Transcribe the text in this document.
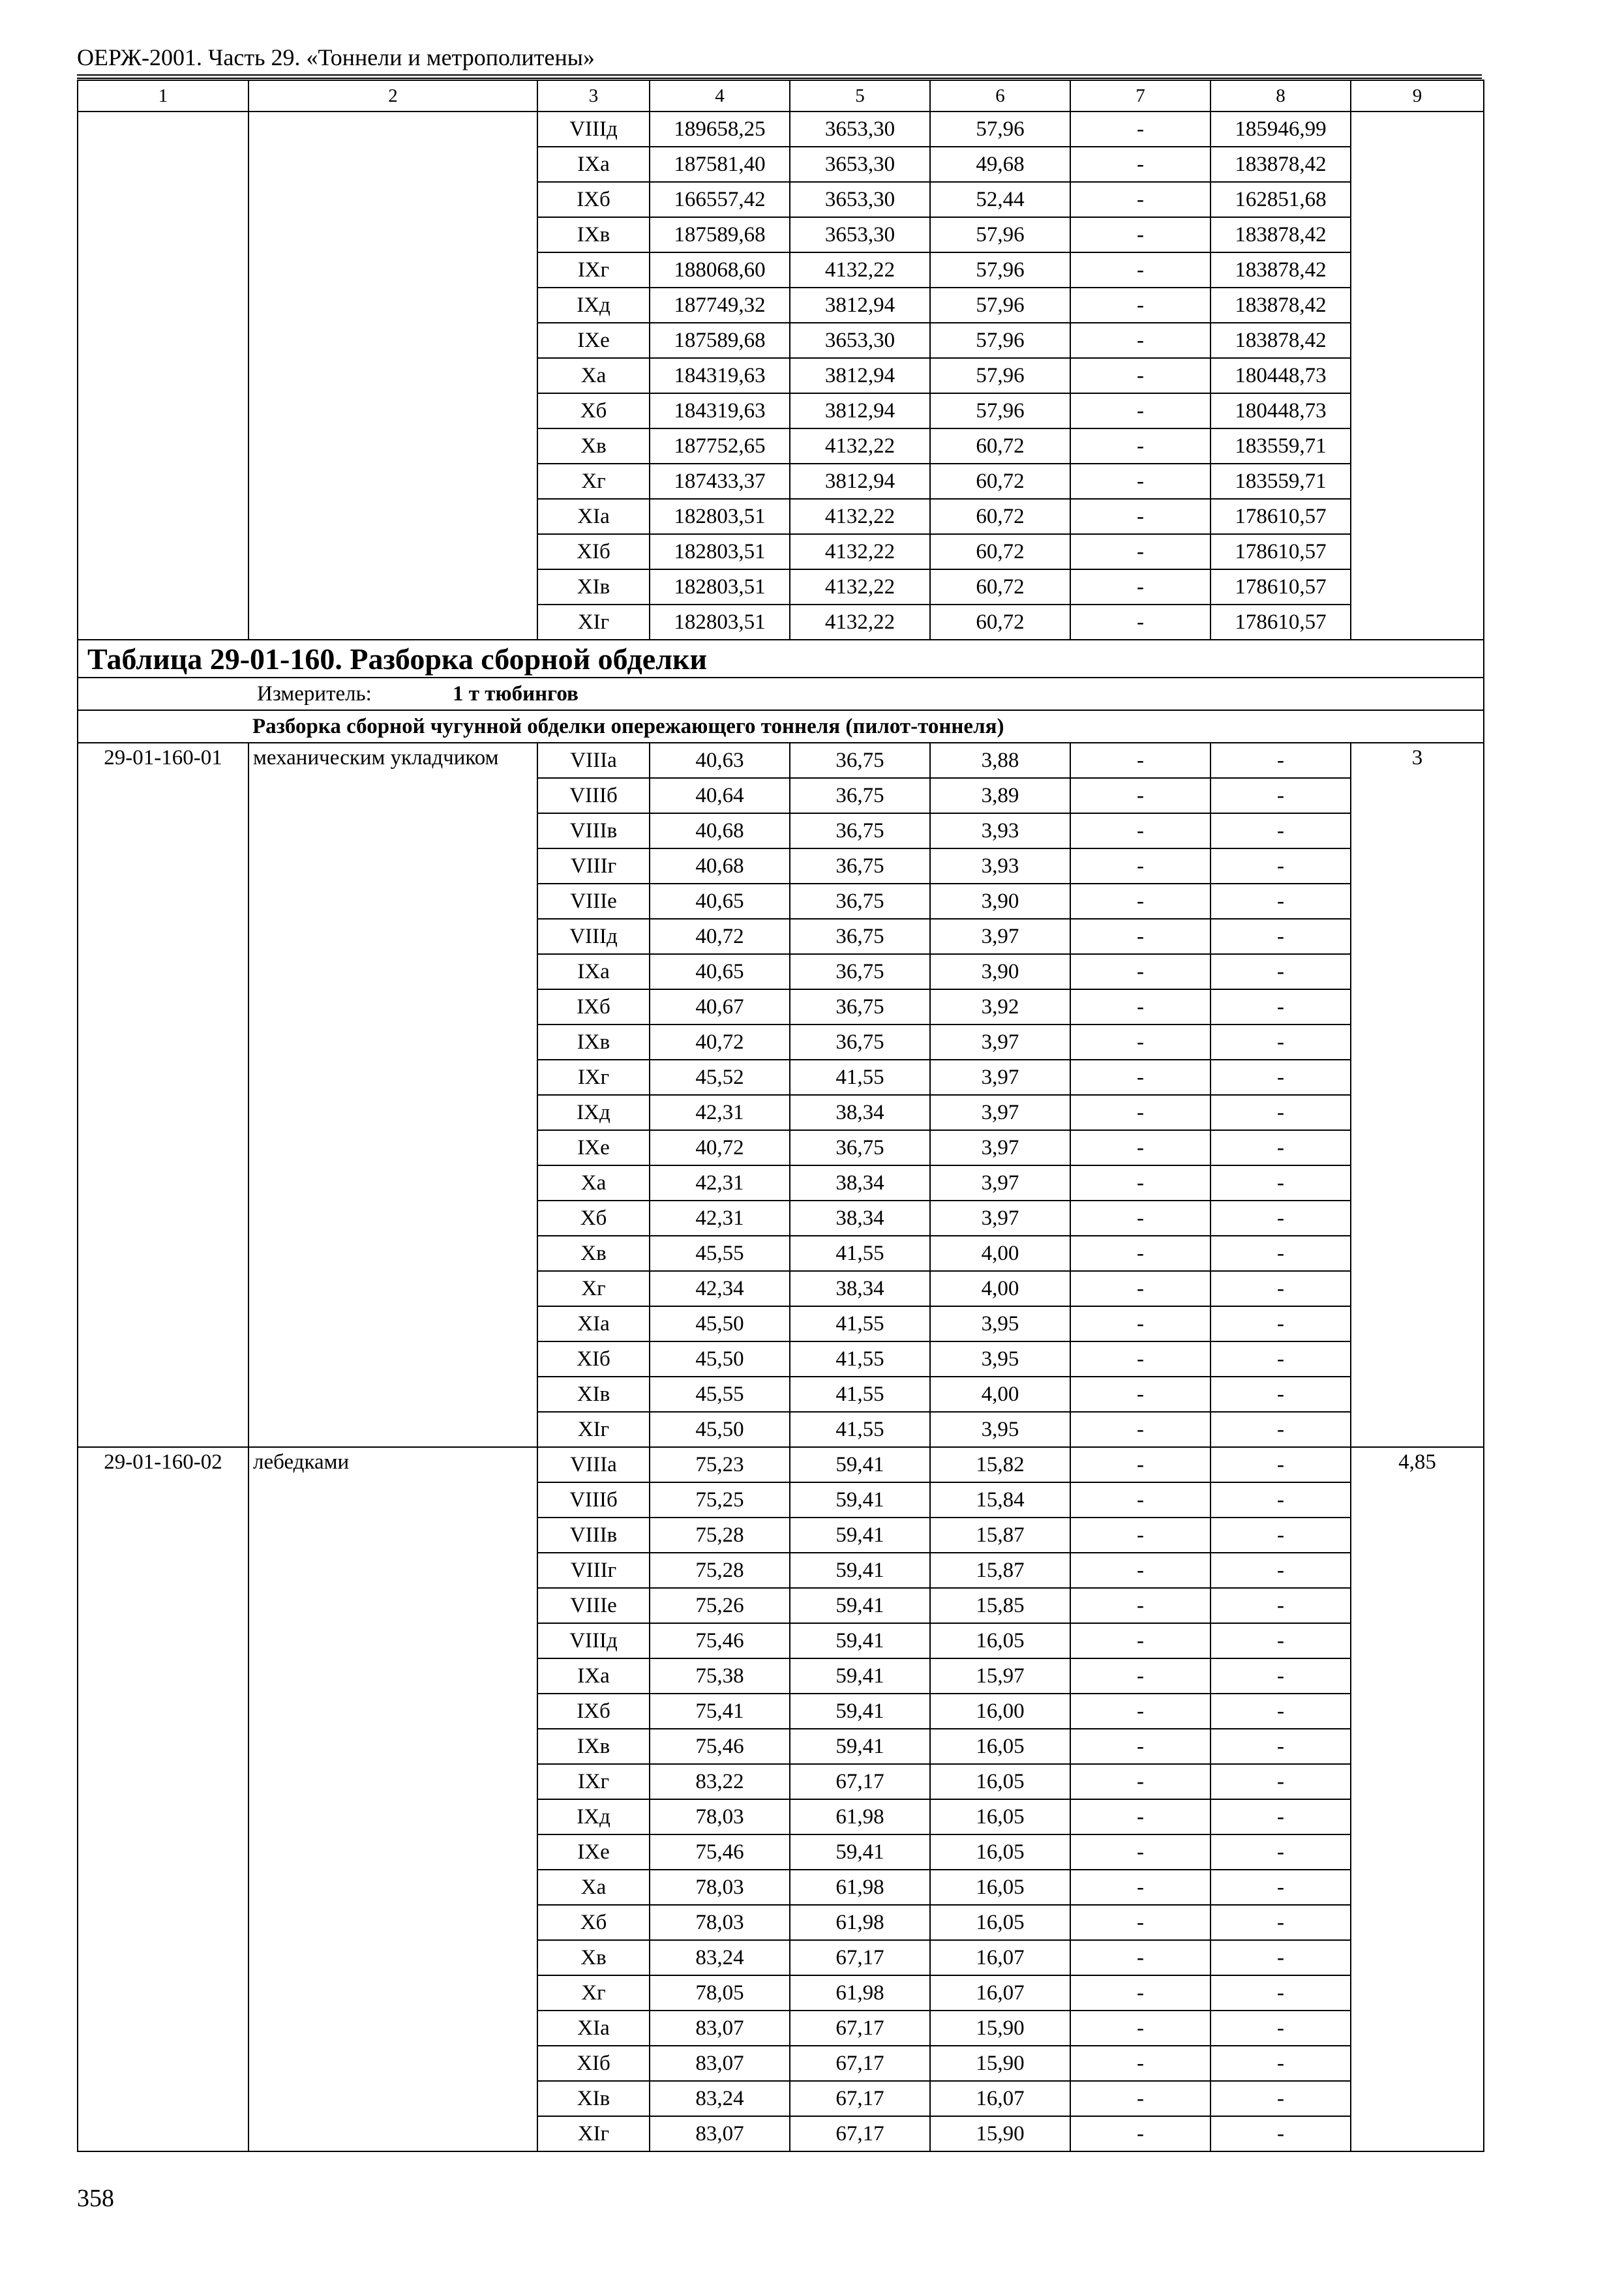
ОЕРЖ-2001. Часть 29. «Тоннели и метрополитены»
1	2	3	4	5	6	7	8	9
		VIIIд	189658,25	3653,30	57,96	-	185946,99	
		IXа	187581,40	3653,30	49,68	-	183878,42	
		IXб	166557,42	3653,30	52,44	-	162851,68	
		IXв	187589,68	3653,30	57,96	-	183878,42	
		IXг	188068,60	4132,22	57,96	-	183878,42	
		IXд	187749,32	3812,94	57,96	-	183878,42	
		IXе	187589,68	3653,30	57,96	-	183878,42	
		Xа	184319,63	3812,94	57,96	-	180448,73	
		Xб	184319,63	3812,94	57,96	-	180448,73	
		Xв	187752,65	4132,22	60,72	-	183559,71	
		Xг	187433,37	3812,94	60,72	-	183559,71	
		XIа	182803,51	4132,22	60,72	-	178610,57	
		XIб	182803,51	4132,22	60,72	-	178610,57	
		XIв	182803,51	4132,22	60,72	-	178610,57	
		XIг	182803,51	4132,22	60,72	-	178610,57	
Таблица 29-01-160. Разборка сборной обделки								
Измеритель: 1 т тюбингов								
Разборка сборной чугунной обделки опережающего тоннеля (пилот-тоннеля)								
29-01-160-01	механическим укладчиком	VIIIа	40,63	36,75	3,88	-	-	3
		VIIIб	40,64	36,75	3,89	-	-	
		VIIIв	40,68	36,75	3,93	-	-	
		VIIIг	40,68	36,75	3,93	-	-	
		VIIIе	40,65	36,75	3,90	-	-	
		VIIIд	40,72	36,75	3,97	-	-	
		IXа	40,65	36,75	3,90	-	-	
		IXб	40,67	36,75	3,92	-	-	
		IXв	40,72	36,75	3,97	-	-	
		IXг	45,52	41,55	3,97	-	-	
		IXд	42,31	38,34	3,97	-	-	
		IXе	40,72	36,75	3,97	-	-	
		Xа	42,31	38,34	3,97	-	-	
		Xб	42,31	38,34	3,97	-	-	
		Xв	45,55	41,55	4,00	-	-	
		Xг	42,34	38,34	4,00	-	-	
		XIа	45,50	41,55	3,95	-	-	
		XIб	45,50	41,55	3,95	-	-	
		XIв	45,55	41,55	4,00	-	-	
		XIг	45,50	41,55	3,95	-	-	
29-01-160-02	лебедками	VIIIа	75,23	59,41	15,82	-	-	4,85
		VIIIб	75,25	59,41	15,84	-	-	
		VIIIв	75,28	59,41	15,87	-	-	
		VIIIг	75,28	59,41	15,87	-	-	
		VIIIе	75,26	59,41	15,85	-	-	
		VIIIд	75,46	59,41	16,05	-	-	
		IXа	75,38	59,41	15,97	-	-	
		IXб	75,41	59,41	16,00	-	-	
		IXв	75,46	59,41	16,05	-	-	
		IXг	83,22	67,17	16,05	-	-	
		IXд	78,03	61,98	16,05	-	-	
		IXе	75,46	59,41	16,05	-	-	
		Xа	78,03	61,98	16,05	-	-	
		Xб	78,03	61,98	16,05	-	-	
		Xв	83,24	67,17	16,07	-	-	
		Xг	78,05	61,98	16,07	-	-	
		XIа	83,07	67,17	15,90	-	-	
		XIб	83,07	67,17	15,90	-	-	
		XIв	83,24	67,17	16,07	-	-	
		XIг	83,07	67,17	15,90	-	-	
358
